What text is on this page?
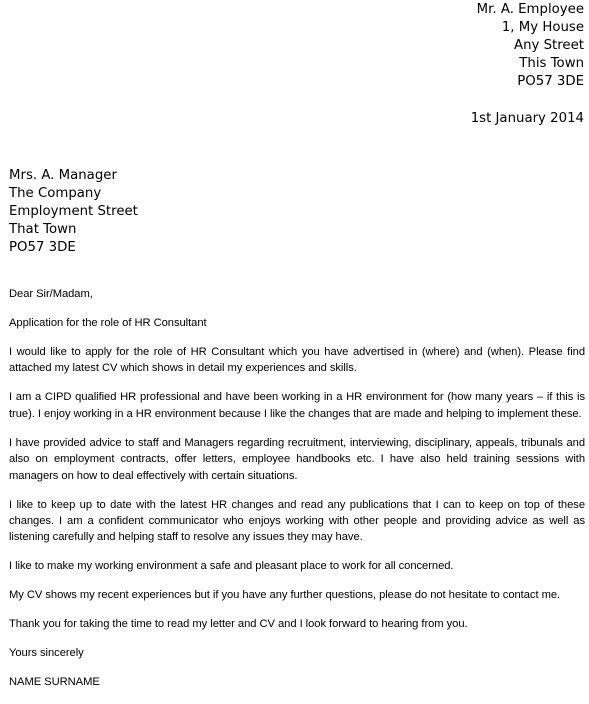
Mr. A. Employee
1, My House
Any Street
This Town
PO57 3DE
1st January 2014
Mrs. A. Manager
The Company
Employment Street
That Town
PO57 3DE

Dear Sir/Madam,

Application for the role of HR Consultant

I would like to apply for the role of HR Consultant which you have advertised in (where) and (when). Please find attached my latest CV which shows in detail my experiences and skills.

I am a CIPD qualified HR professional and have been working in a HR environment for (how many years – if this is true). I enjoy working in a HR environment because I like the changes that are made and helping to implement these.

I have provided advice to staff and Managers regarding recruitment, interviewing, disciplinary, appeals, tribunals and also on employment contracts, offer letters, employee handbooks etc. I have also held training sessions with managers on how to deal effectively with certain situations.

I like to keep up to date with the latest HR changes and read any publications that I can to keep on top of these changes. I am a confident communicator who enjoys working with other people and providing advice as well as listening carefully and helping staff to resolve any issues they may have.

I like to make my working environment a safe and pleasant place to work for all concerned.

My CV shows my recent experiences but if you have any further questions, please do not hesitate to contact me.

Thank you for taking the time to read my letter and CV and I look forward to hearing from you.

Yours sincerely

NAME SURNAME
